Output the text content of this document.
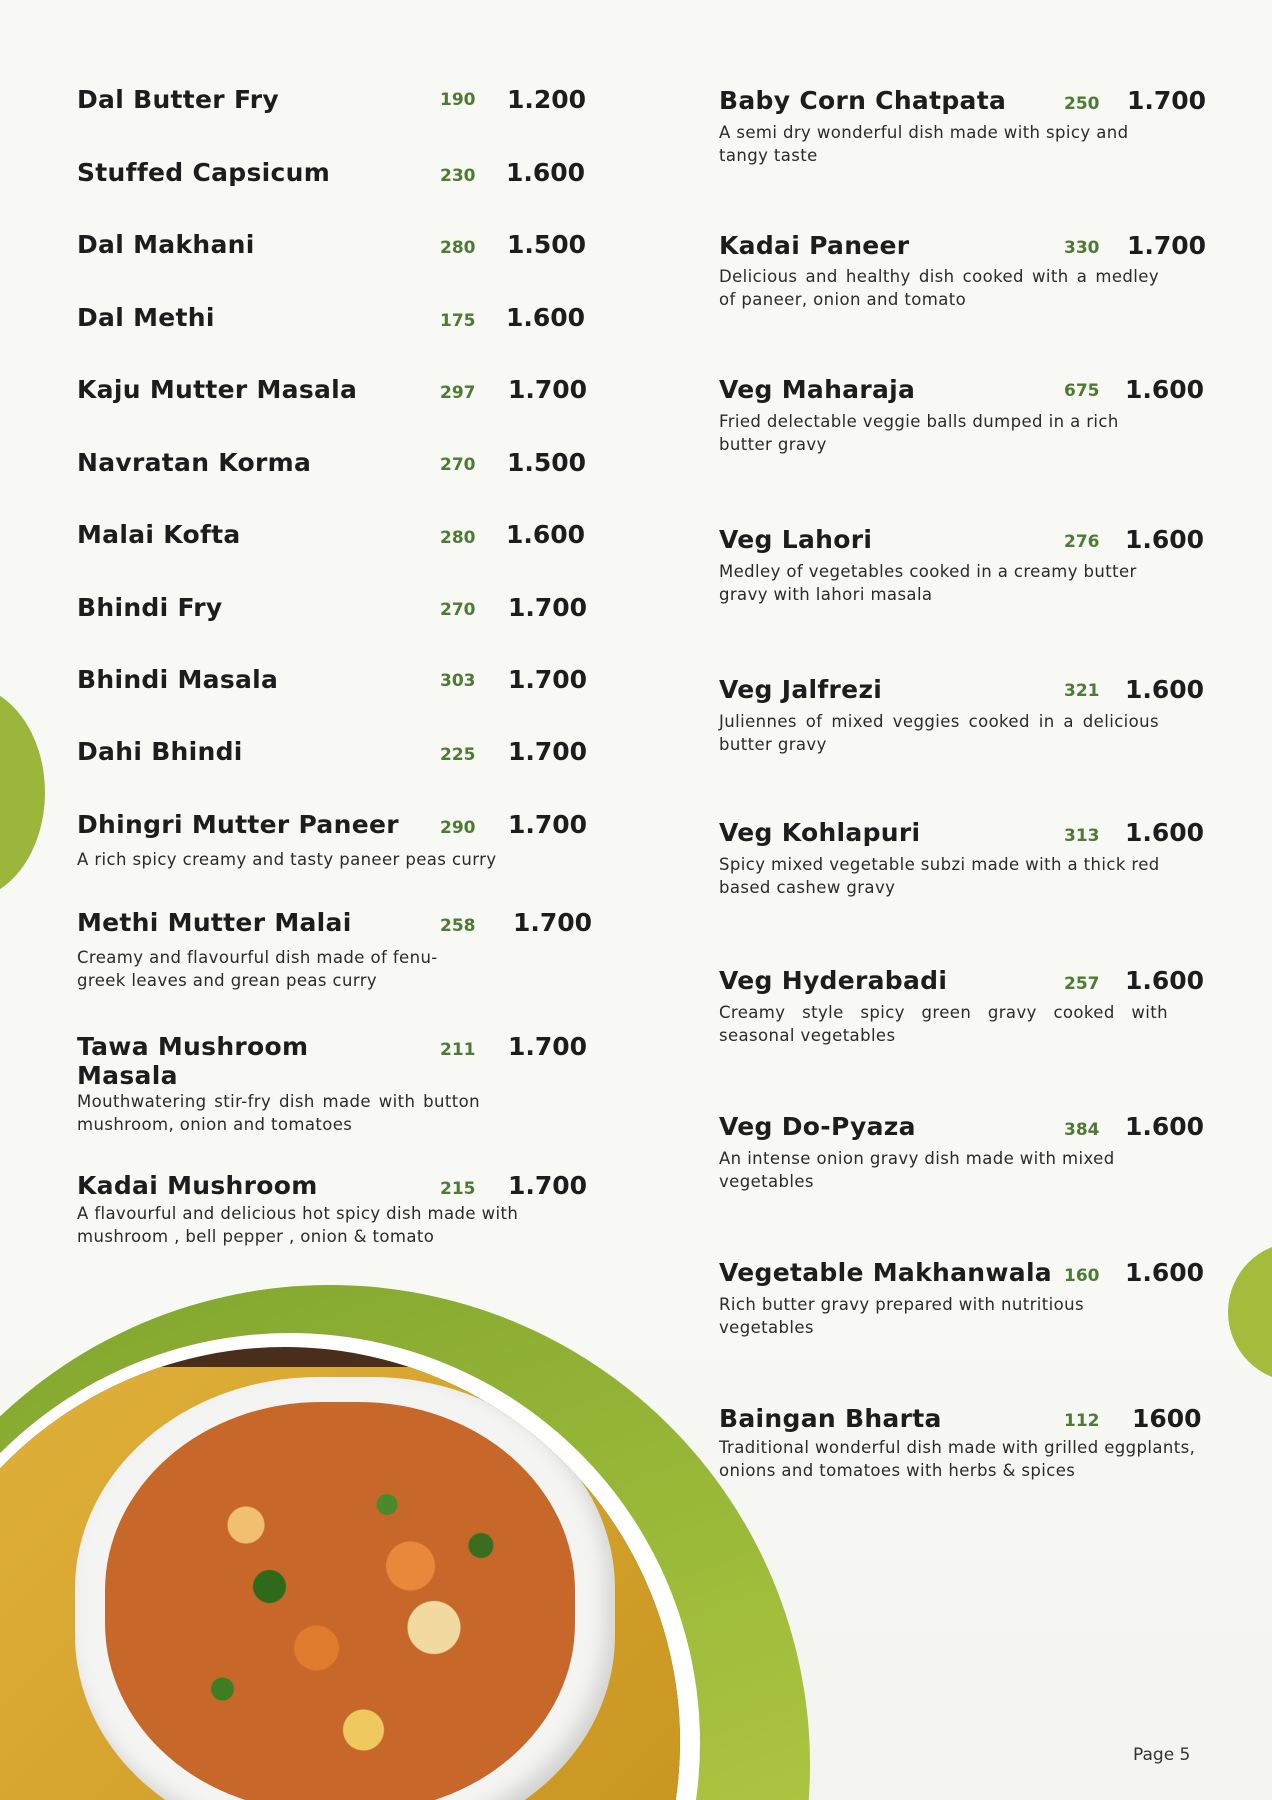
Dal Butter Fry	190 1.200
Stuffed Capsicum	230 1.600
Dal Makhani	280 1.500
Dal Methi	175 1.600
Kaju Mutter Masala	297 1.700
Navratan Korma	270 1.500
Malai Kofta	280 1.600
Bhindi Fry	270 1.700
Bhindi Masala	303 1.700
Dahi Bhindi	225 1.700
Dhingri Mutter Paneer 290 1.700
A rich spicy creamy and tasty paneer peas curry
Methi Mutter Malai	258 1.700
Creamy and flavourful dish made of fenu-greek leaves and grean peas curry
Tawa Mushroom Masala
211 1.700
Mouthwatering stir-fry dish made with button mushroom, onion and tomatoes
Kadai Mushroom	215 1.700
A flavourful and delicious hot spicy dish made with mushroom , bell pepper , onion & tomato
Baby Corn Chatpata	250 1.700
A semi dry wonderful dish made with spicy and tangy taste
Kadai Paneer	330 1.700
Delicious and healthy dish cooked with a medley of paneer, onion and tomato
Veg Maharaja	675 1.600
Fried delectable veggie balls dumped in a rich butter gravy
Veg Lahori	276 1.600
Medley of vegetables cooked in a creamy butter gravy with lahori masala
Veg Jalfrezi	321 1.600
Juliennes of mixed veggies cooked in a delicious butter gravy
Veg Kohlapuri	313 1.600
Spicy mixed vegetable subzi made with a thick red based cashew gravy
Veg Hyderabadi	257 1.600
Creamy style spicy green gravy cooked with seasonal vegetables
Veg Do-Pyaza	384 1.600
An intense onion gravy dish made with mixed vegetables
Vegetable Makhanwala 160 1.600
Rich butter gravy prepared with nutritious vegetables
Baingan Bharta	112 1600
Traditional wonderful dish made with grilled eggplants, onions and tomatoes with herbs & spices
Page 5
